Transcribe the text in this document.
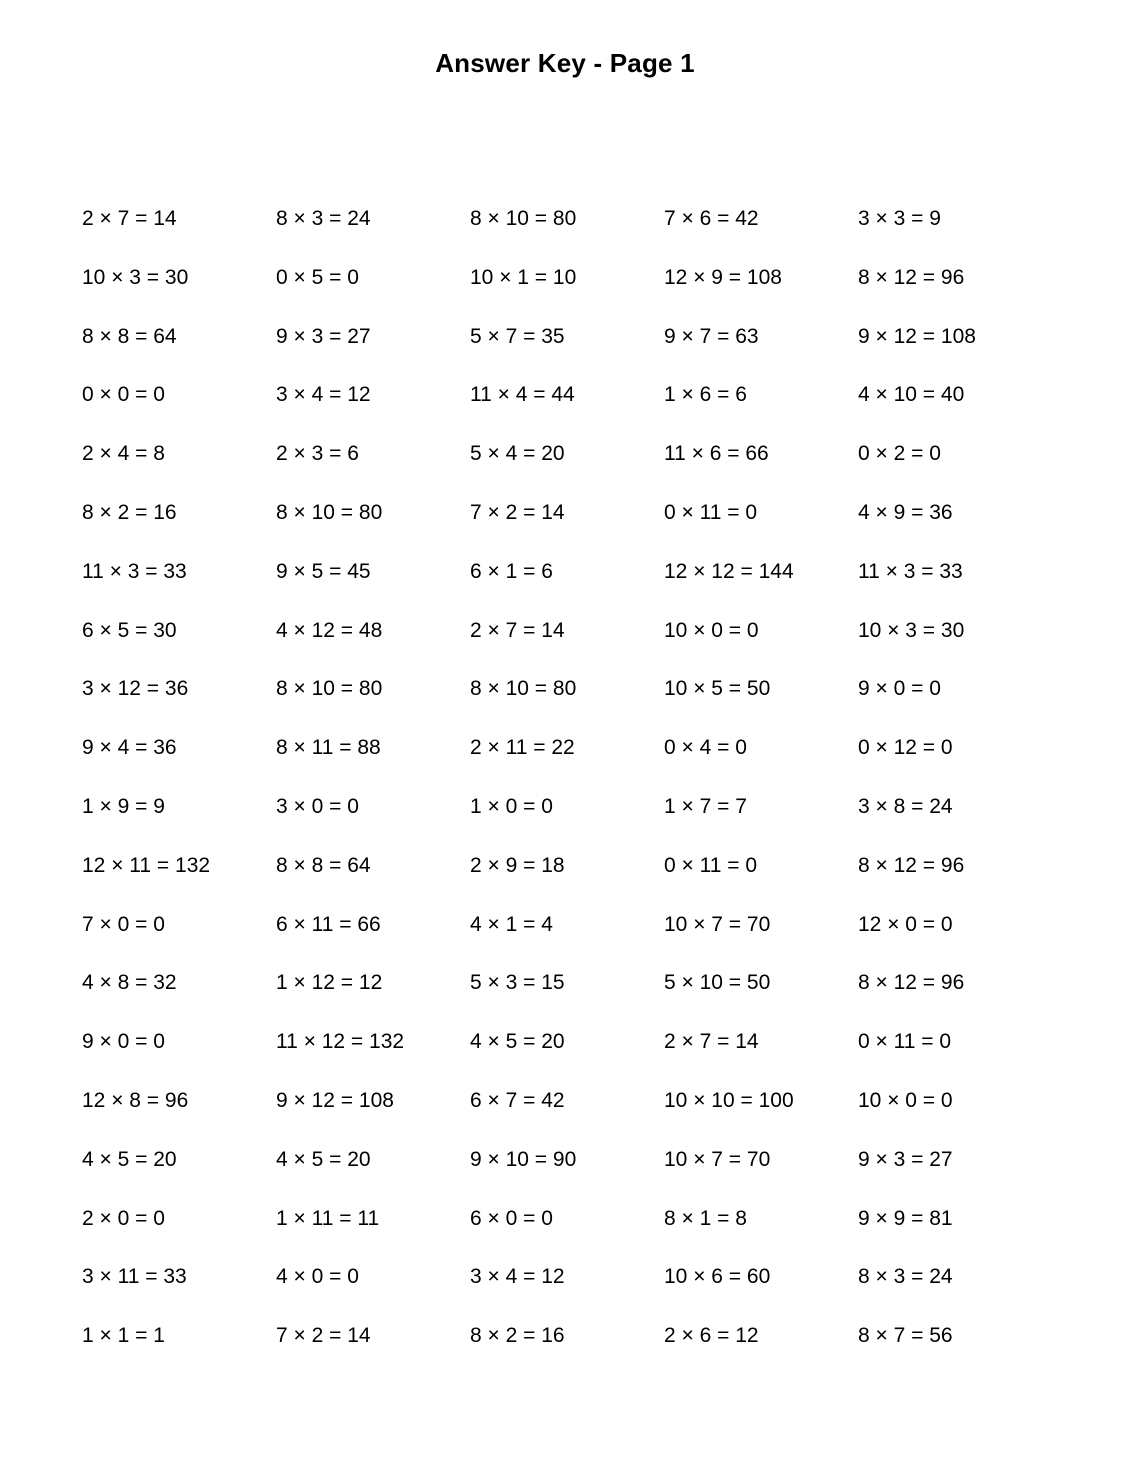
Answer Key - Page 1
2 × 7 = 14	8 × 3 = 24	8 × 10 = 80	7 × 6 = 42	3 × 3 = 9
10 × 3 = 30	0 × 5 = 0	10 × 1 = 10	12 × 9 = 108	8 × 12 = 96
8 × 8 = 64	9 × 3 = 27	5 × 7 = 35	9 × 7 = 63	9 × 12 = 108
0 × 0 = 0	3 × 4 = 12	11 × 4 = 44	1 × 6 = 6	4 × 10 = 40
2 × 4 = 8	2 × 3 = 6	5 × 4 = 20	11 × 6 = 66	0 × 2 = 0
8 × 2 = 16	8 × 10 = 80	7 × 2 = 14	0 × 11 = 0	4 × 9 = 36
11 × 3 = 33	9 × 5 = 45	6 × 1 = 6	12 × 12 = 144	11 × 3 = 33
6 × 5 = 30	4 × 12 = 48	2 × 7 = 14	10 × 0 = 0	10 × 3 = 30
3 × 12 = 36	8 × 10 = 80	8 × 10 = 80	10 × 5 = 50	9 × 0 = 0
9 × 4 = 36	8 × 11 = 88	2 × 11 = 22	0 × 4 = 0	0 × 12 = 0
1 × 9 = 9	3 × 0 = 0	1 × 0 = 0	1 × 7 = 7	3 × 8 = 24
12 × 11 = 132	8 × 8 = 64	2 × 9 = 18	0 × 11 = 0	8 × 12 = 96
7 × 0 = 0	6 × 11 = 66	4 × 1 = 4	10 × 7 = 70	12 × 0 = 0
4 × 8 = 32	1 × 12 = 12	5 × 3 = 15	5 × 10 = 50	8 × 12 = 96
9 × 0 = 0	11 × 12 = 132	4 × 5 = 20	2 × 7 = 14	0 × 11 = 0
12 × 8 = 96	9 × 12 = 108	6 × 7 = 42	10 × 10 = 100	10 × 0 = 0
4 × 5 = 20	4 × 5 = 20	9 × 10 = 90	10 × 7 = 70	9 × 3 = 27
2 × 0 = 0	1 × 11 = 11	6 × 0 = 0	8 × 1 = 8	9 × 9 = 81
3 × 11 = 33	4 × 0 = 0	3 × 4 = 12	10 × 6 = 60	8 × 3 = 24
1 × 1 = 1	7 × 2 = 14	8 × 2 = 16	2 × 6 = 12	8 × 7 = 56
